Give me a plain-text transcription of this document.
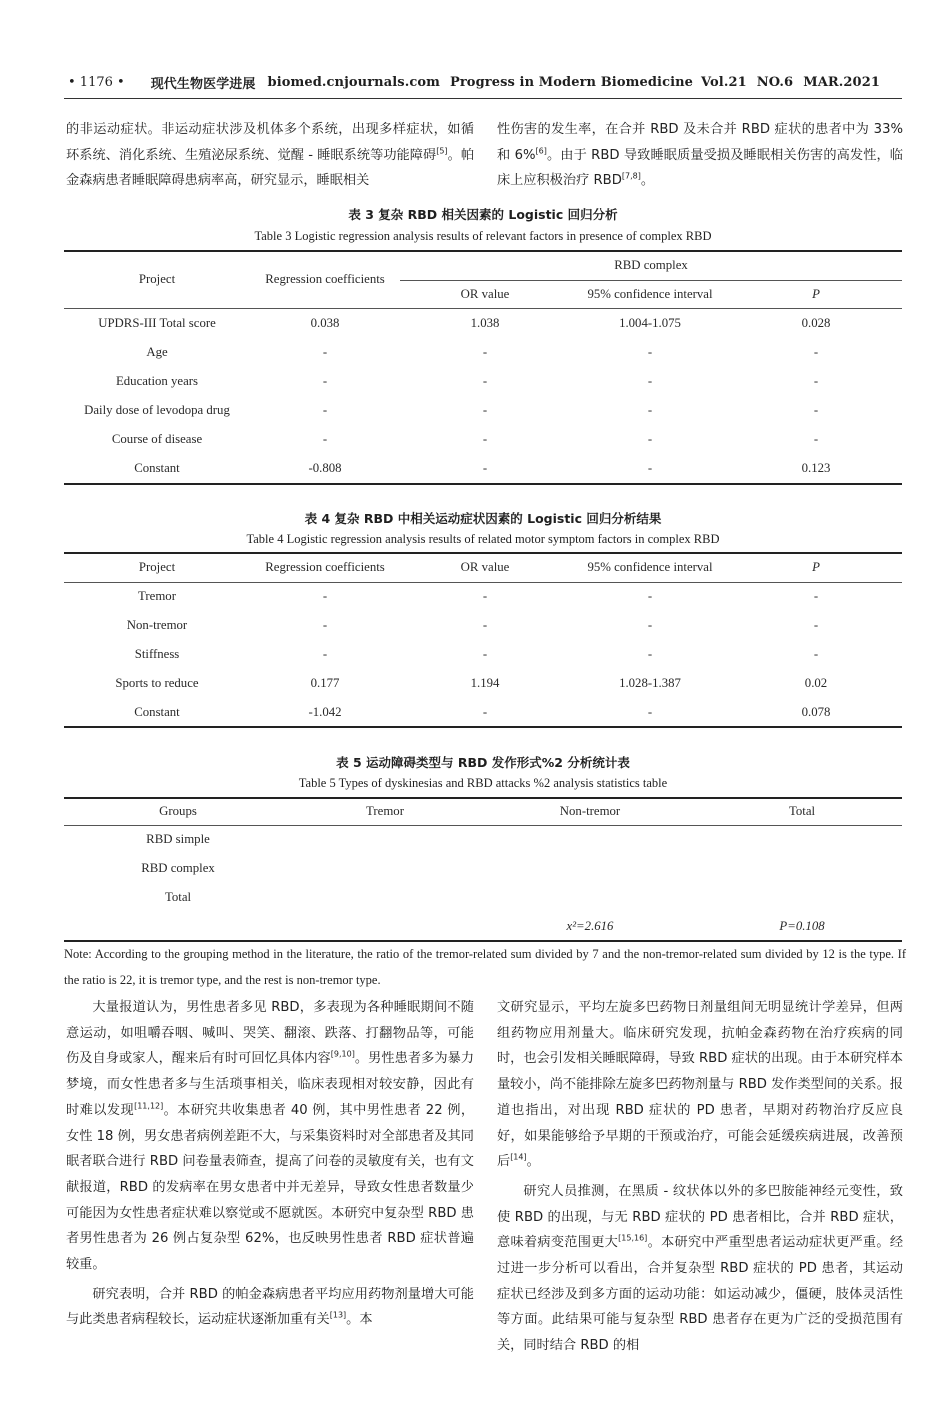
• 1176 • 现代生物医学进展 biomed.cnjournals.com Progress in Modern Biomedicine Vol.21 NO.6 MAR.2021

的非运动症状。非运动症状涉及机体多个系统，出现多样症状，如循环系统、消化系统、生殖泌尿系统、觉醒 - 睡眠系统等功能障碍[5]。帕金森病患者睡眠障碍患病率高，研究显示，睡眠相关

性伤害的发生率，在合并 RBD 及未合并 RBD 症状的患者中为 33%和 6%[6]。由于 RBD 导致睡眠质量受损及睡眠相关伤害的高发性，临床上应积极治疗 RBD[7,8]。

表 3 复杂 RBD 相关因素的 Logistic 回归分析
Table 3 Logistic regression analysis results of relevant factors in presence of complex RBD
Project	Regression coefficients	RBD complex		
		OR value	95% confidence interval	P
UPDRS-III Total score	0.038	1.038	1.004-1.075	0.028
Age	-	-	-	-
Education years	-	-	-	-
Daily dose of levodopa drug	-	-	-	-
Course of disease	-	-	-	-
Constant	-0.808	-	-	0.123
表 4 复杂 RBD 中相关运动症状因素的 Logistic 回归分析结果
Table 4 Logistic regression analysis results of related motor symptom factors in complex RBD
Project	Regression coefficients	OR value	95% confidence interval	P
Tremor	-	-	-	-
Non-tremor	-	-	-	-
Stiffness	-	-	-	-
Sports to reduce	0.177	1.194	1.028-1.387	0.02
Constant	-1.042	-	-	0.078
表 5 运动障碍类型与 RBD 发作形式%2 分析统计表
Table 5 Types of dyskinesias and RBD attacks %2 analysis statistics table
Groups	Tremor	Non-tremor	Total
RBD simple			
RBD complex			
Total			
		x²=2.616	P=0.108
Note: According to the grouping method in the literature, the ratio of the tremor-related sum divided by 7 and the non-tremor-related sum divided by 12 is the type. If the ratio is 22, it is tremor type, and the rest is non-tremor type.

大量报道认为，男性患者多见 RBD，多表现为各种睡眠期间不随意运动，如咀嚼吞咽、喊叫、哭笑、翻滚、跌落、打翻物品等，可能伤及自身或家人，醒来后有时可回忆具体内容[9,10]。男性患者多为暴力梦境，而女性患者多与生活琐事相关，临床表现相对较安静，因此有时难以发现[11,12]。本研究共收集患者 40 例，其中男性患者 22 例，女性 18 例，男女患者病例差距不大，与采集资料时对全部患者及其同眠者联合进行 RBD 问卷量表筛查，提高了问卷的灵敏度有关，也有文献报道，RBD 的发病率在男女患者中并无差异，导致女性患者数量少可能因为女性患者症状难以察觉或不愿就医。本研究中复杂型 RBD 患者男性患者为 26 例占复杂型 62%，也反映男性患者 RBD 症状普遍较重。

研究表明，合并 RBD 的帕金森病患者平均应用药物剂量增大可能与此类患者病程较长，运动症状逐渐加重有关[13]。本

文研究显示，平均左旋多巴药物日剂量组间无明显统计学差异，但两组药物应用剂量大。临床研究发现，抗帕金森药物在治疗疾病的同时，也会引发相关睡眠障碍，导致 RBD 症状的出现。由于本研究样本量较小，尚不能排除左旋多巴药物剂量与 RBD 发作类型间的关系。报道也指出，对出现 RBD 症状的 PD 患者，早期对药物治疗反应良好，如果能够给予早期的干预或治疗，可能会延缓疾病进展，改善预后[14]。

研究人员推测，在黑质 - 纹状体以外的多巴胺能神经元变性，致使 RBD 的出现，与无 RBD 症状的 PD 患者相比，合并 RBD 症状，意味着病变范围更大[15,16]。本研究中严重型患者运动症状更严重。经过进一步分析可以看出，合并复杂型 RBD 症状的 PD 患者，其运动症状已经涉及到多方面的运动功能：如运动减少，僵硬，肢体灵活性等方面。此结果可能与复杂型 RBD 患者存在更为广泛的受损范围有关，同时结合 RBD 的相
